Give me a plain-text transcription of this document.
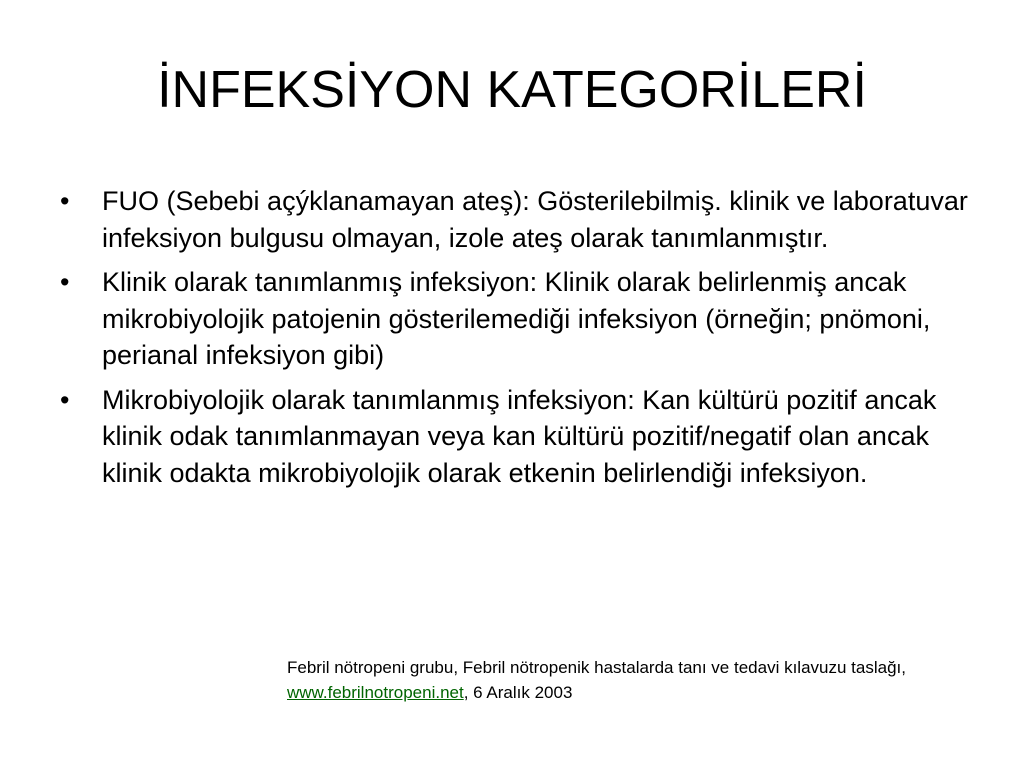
İNFEKSİYON KATEGORİLERİ
•	FUO (Sebebi açýklanamayan ateş): Gösterilebilmiş. klinik ve laboratuvar infeksiyon bulgusu olmayan, izole ateş olarak tanımlanmıştır.
•	Klinik olarak tanımlanmış infeksiyon: Klinik olarak belirlenmiş ancak mikrobiyolojik patojenin gösterilemediği infeksiyon (örneğin; pnömoni, perianal infeksiyon gibi)
•	Mikrobiyolojik olarak tanımlanmış infeksiyon: Kan kültürü pozitif ancak klinik odak tanımlanmayan veya kan kültürü pozitif/negatif olan ancak klinik odakta mikrobiyolojik olarak etkenin belirlendiği infeksiyon.

Febril nötropeni grubu, Febril nötropenik hastalarda tanı ve tedavi kılavuzu taslağı, www.febrilnotropeni.net, 6 Aralık 2003
